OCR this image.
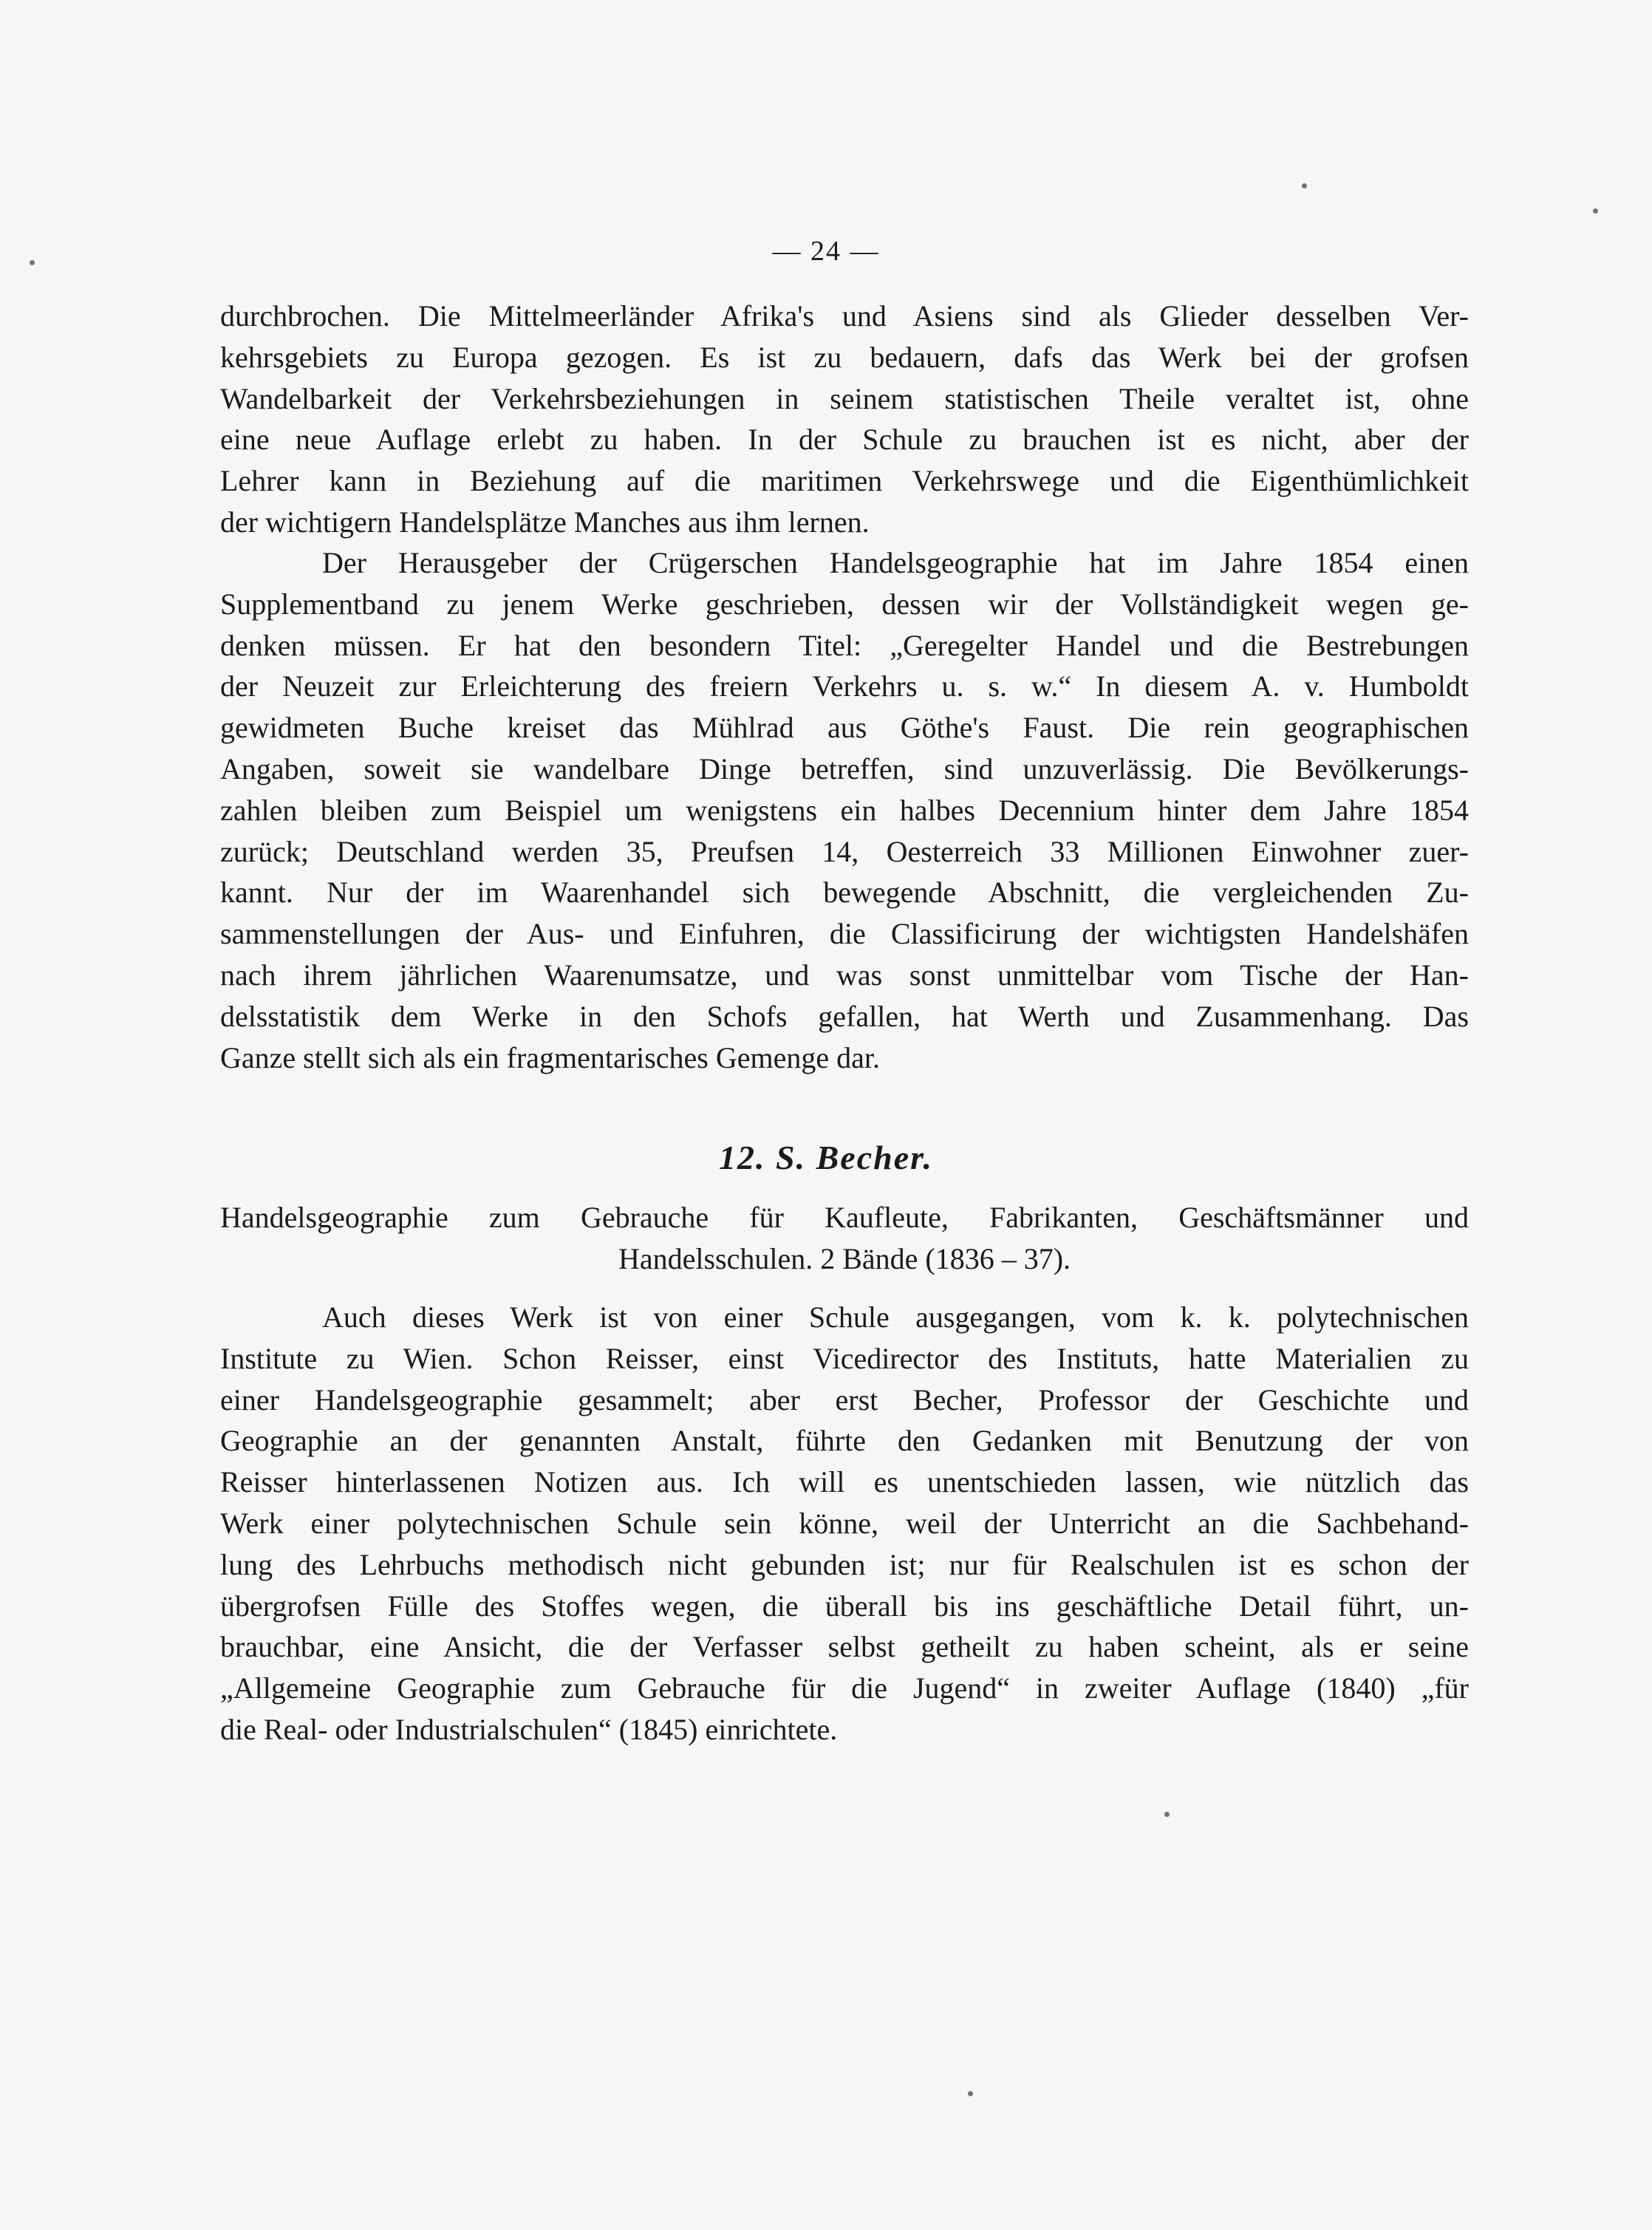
— 24 —
durchbrochen. Die Mittelmeerländer Afrika's und Asiens sind als Glieder desselben Ver-
kehrsgebiets zu Europa gezogen. Es ist zu bedauern, dafs das Werk bei der grofsen
Wandelbarkeit der Verkehrsbeziehungen in seinem statistischen Theile veraltet ist, ohne
eine neue Auflage erlebt zu haben. In der Schule zu brauchen ist es nicht, aber der
Lehrer kann in Beziehung auf die maritimen Verkehrswege und die Eigenthümlichkeit
der wichtigern Handelsplätze Manches aus ihm lernen.
Der Herausgeber der Crügerschen Handelsgeographie hat im Jahre 1854 einen
Supplementband zu jenem Werke geschrieben, dessen wir der Vollständigkeit wegen ge-
denken müssen. Er hat den besondern Titel: „Geregelter Handel und die Bestrebungen
der Neuzeit zur Erleichterung des freiern Verkehrs u. s. w.“ In diesem A. v. Humboldt
gewidmeten Buche kreiset das Mühlrad aus Göthe's Faust. Die rein geographischen
Angaben, soweit sie wandelbare Dinge betreffen, sind unzuverlässig. Die Bevölkerungs-
zahlen bleiben zum Beispiel um wenigstens ein halbes Decennium hinter dem Jahre 1854
zurück; Deutschland werden 35, Preufsen 14, Oesterreich 33 Millionen Einwohner zuer-
kannt. Nur der im Waarenhandel sich bewegende Abschnitt, die vergleichenden Zu-
sammenstellungen der Aus- und Einfuhren, die Classificirung der wichtigsten Handelshäfen
nach ihrem jährlichen Waarenumsatze, und was sonst unmittelbar vom Tische der Han-
delsstatistik dem Werke in den Schofs gefallen, hat Werth und Zusammenhang. Das
Ganze stellt sich als ein fragmentarisches Gemenge dar.
12. S. Becher.
Handelsgeographie zum Gebrauche für Kaufleute, Fabrikanten, Geschäftsmänner und
Handelsschulen. 2 Bände (1836 – 37).
Auch dieses Werk ist von einer Schule ausgegangen, vom k. k. polytechnischen
Institute zu Wien. Schon Reisser, einst Vicedirector des Instituts, hatte Materialien zu
einer Handelsgeographie gesammelt; aber erst Becher, Professor der Geschichte und
Geographie an der genannten Anstalt, führte den Gedanken mit Benutzung der von
Reisser hinterlassenen Notizen aus. Ich will es unentschieden lassen, wie nützlich das
Werk einer polytechnischen Schule sein könne, weil der Unterricht an die Sachbehand-
lung des Lehrbuchs methodisch nicht gebunden ist; nur für Realschulen ist es schon der
übergrofsen Fülle des Stoffes wegen, die überall bis ins geschäftliche Detail führt, un-
brauchbar, eine Ansicht, die der Verfasser selbst getheilt zu haben scheint, als er seine
„Allgemeine Geographie zum Gebrauche für die Jugend“ in zweiter Auflage (1840) „für
die Real- oder Industrialschulen“ (1845) einrichtete.
